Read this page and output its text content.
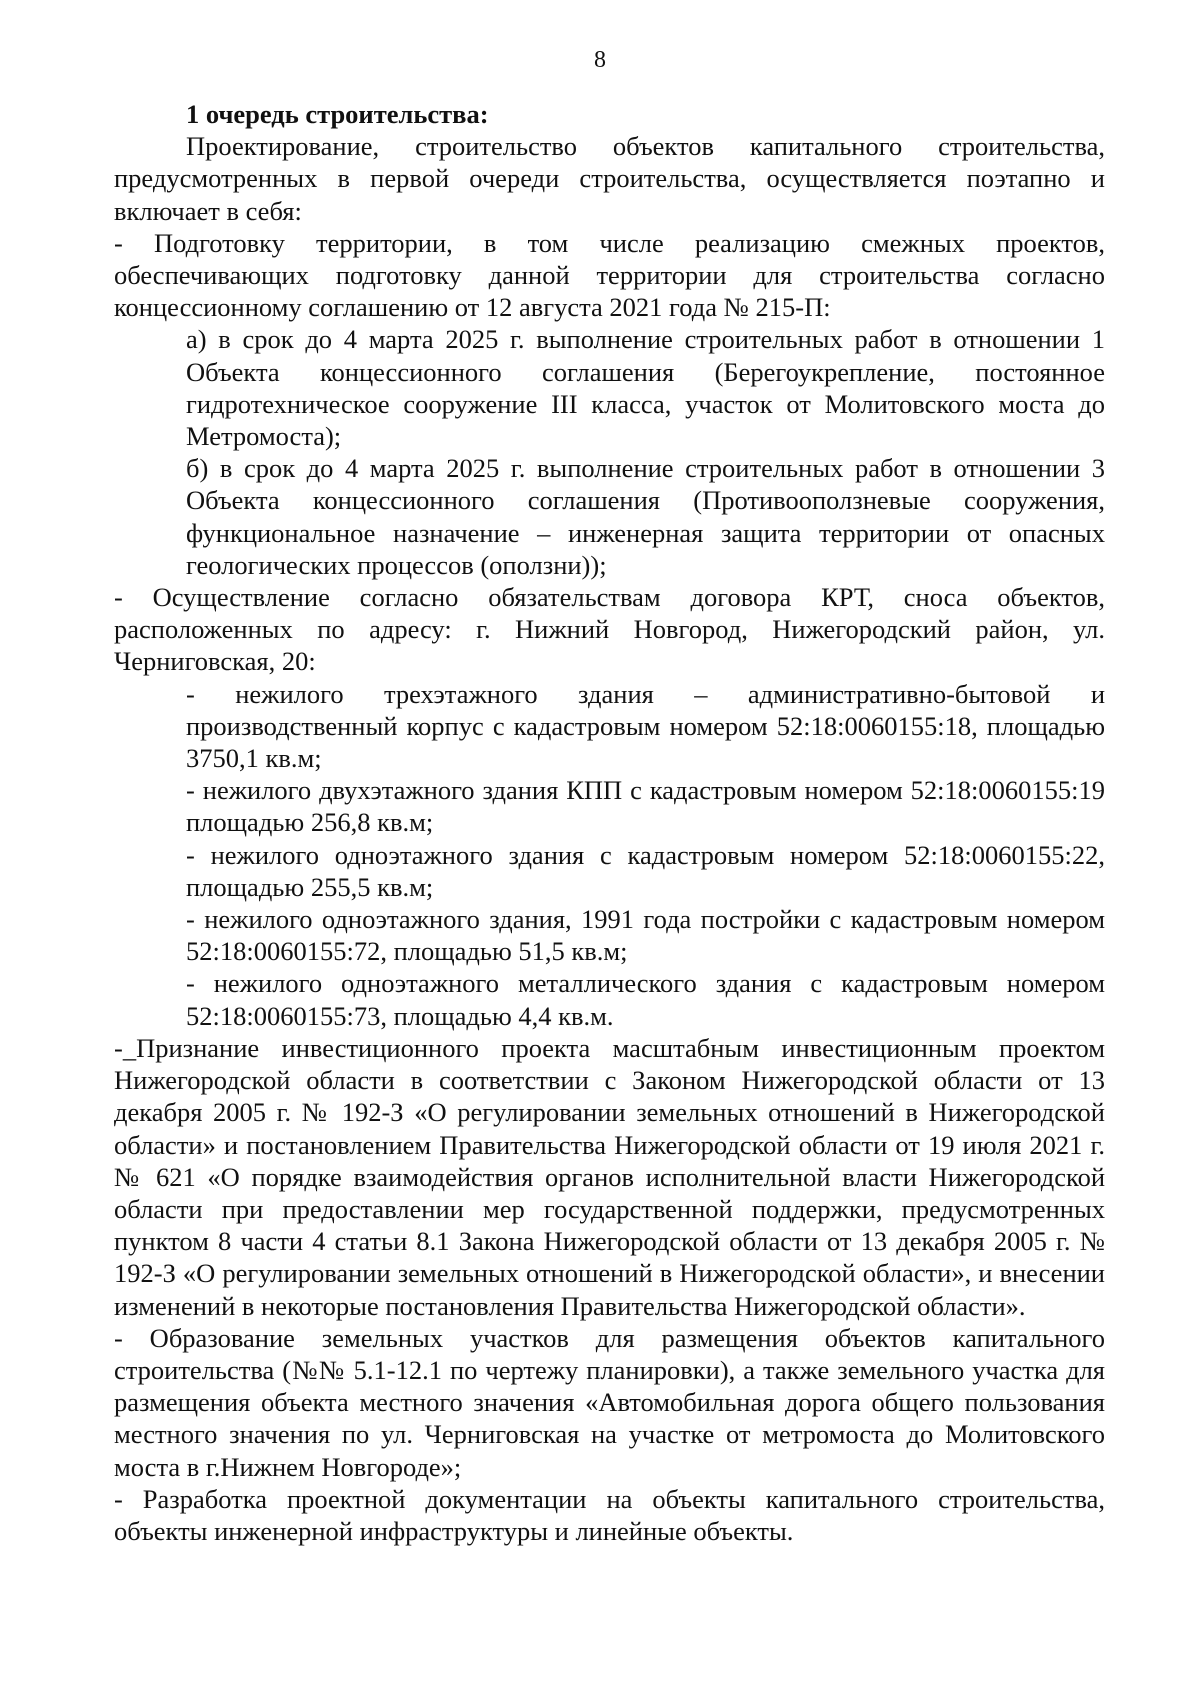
8

1 очередь строительства:

Проектирование, строительство объектов капитального строительства, предусмотренных в первой очереди строительства, осуществляется поэтапно и включает в себя:

- Подготовку территории, в том числе реализацию смежных проектов, обеспечивающих подготовку данной территории для строительства согласно концессионному соглашению от 12 августа 2021 года № 215-П:

а) в срок до 4 марта 2025 г. выполнение строительных работ в отношении 1 Объекта концессионного соглашения (Берегоукрепление, постоянное гидротехническое сооружение III класса, участок от Молитовского моста до Метромоста);

б) в срок до 4 марта 2025 г. выполнение строительных работ в отношении 3 Объекта концессионного соглашения (Противооползневые сооружения, функциональное назначение – инженерная защита территории от опасных геологических процессов (оползни));

- Осуществление согласно обязательствам договора КРТ, сноса объектов, расположенных по адресу: г. Нижний Новгород, Нижегородский район, ул. Черниговская, 20:

- нежилого трехэтажного здания – административно-бытовой и производственный корпус с кадастровым номером 52:18:0060155:18, площадью 3750,1 кв.м;

- нежилого двухэтажного здания КПП с кадастровым номером 52:18:0060155:19 площадью 256,8 кв.м;

- нежилого одноэтажного здания с кадастровым номером 52:18:0060155:22, площадью 255,5 кв.м;

- нежилого одноэтажного здания, 1991 года постройки с кадастровым номером 52:18:0060155:72, площадью 51,5 кв.м;

- нежилого одноэтажного металлического здания с кадастровым номером 52:18:0060155:73, площадью 4,4 кв.м.

-_Признание инвестиционного проекта масштабным инвестиционным проектом Нижегородской области в соответствии с Законом Нижегородской области от 13 декабря 2005 г. № 192-З «О регулировании земельных отношений в Нижегородской области» и постановлением Правительства Нижегородской области от 19 июля 2021 г. № 621 «О порядке взаимодействия органов исполнительной власти Нижегородской области при предоставлении мер государственной поддержки, предусмотренных пунктом 8 части 4 статьи 8.1 Закона Нижегородской области от 13 декабря 2005 г. № 192-З «О регулировании земельных отношений в Нижегородской области», и внесении изменений в некоторые постановления Правительства Нижегородской области».

- Образование земельных участков для размещения объектов капитального строительства (№№ 5.1-12.1 по чертежу планировки), а также земельного участка для размещения объекта местного значения «Автомобильная дорога общего пользования местного значения по ул. Черниговская на участке от метромоста до Молитовского моста в г.Нижнем Новгороде»;

- Разработка проектной документации на объекты капитального строительства, объекты инженерной инфраструктуры и линейные объекты.
